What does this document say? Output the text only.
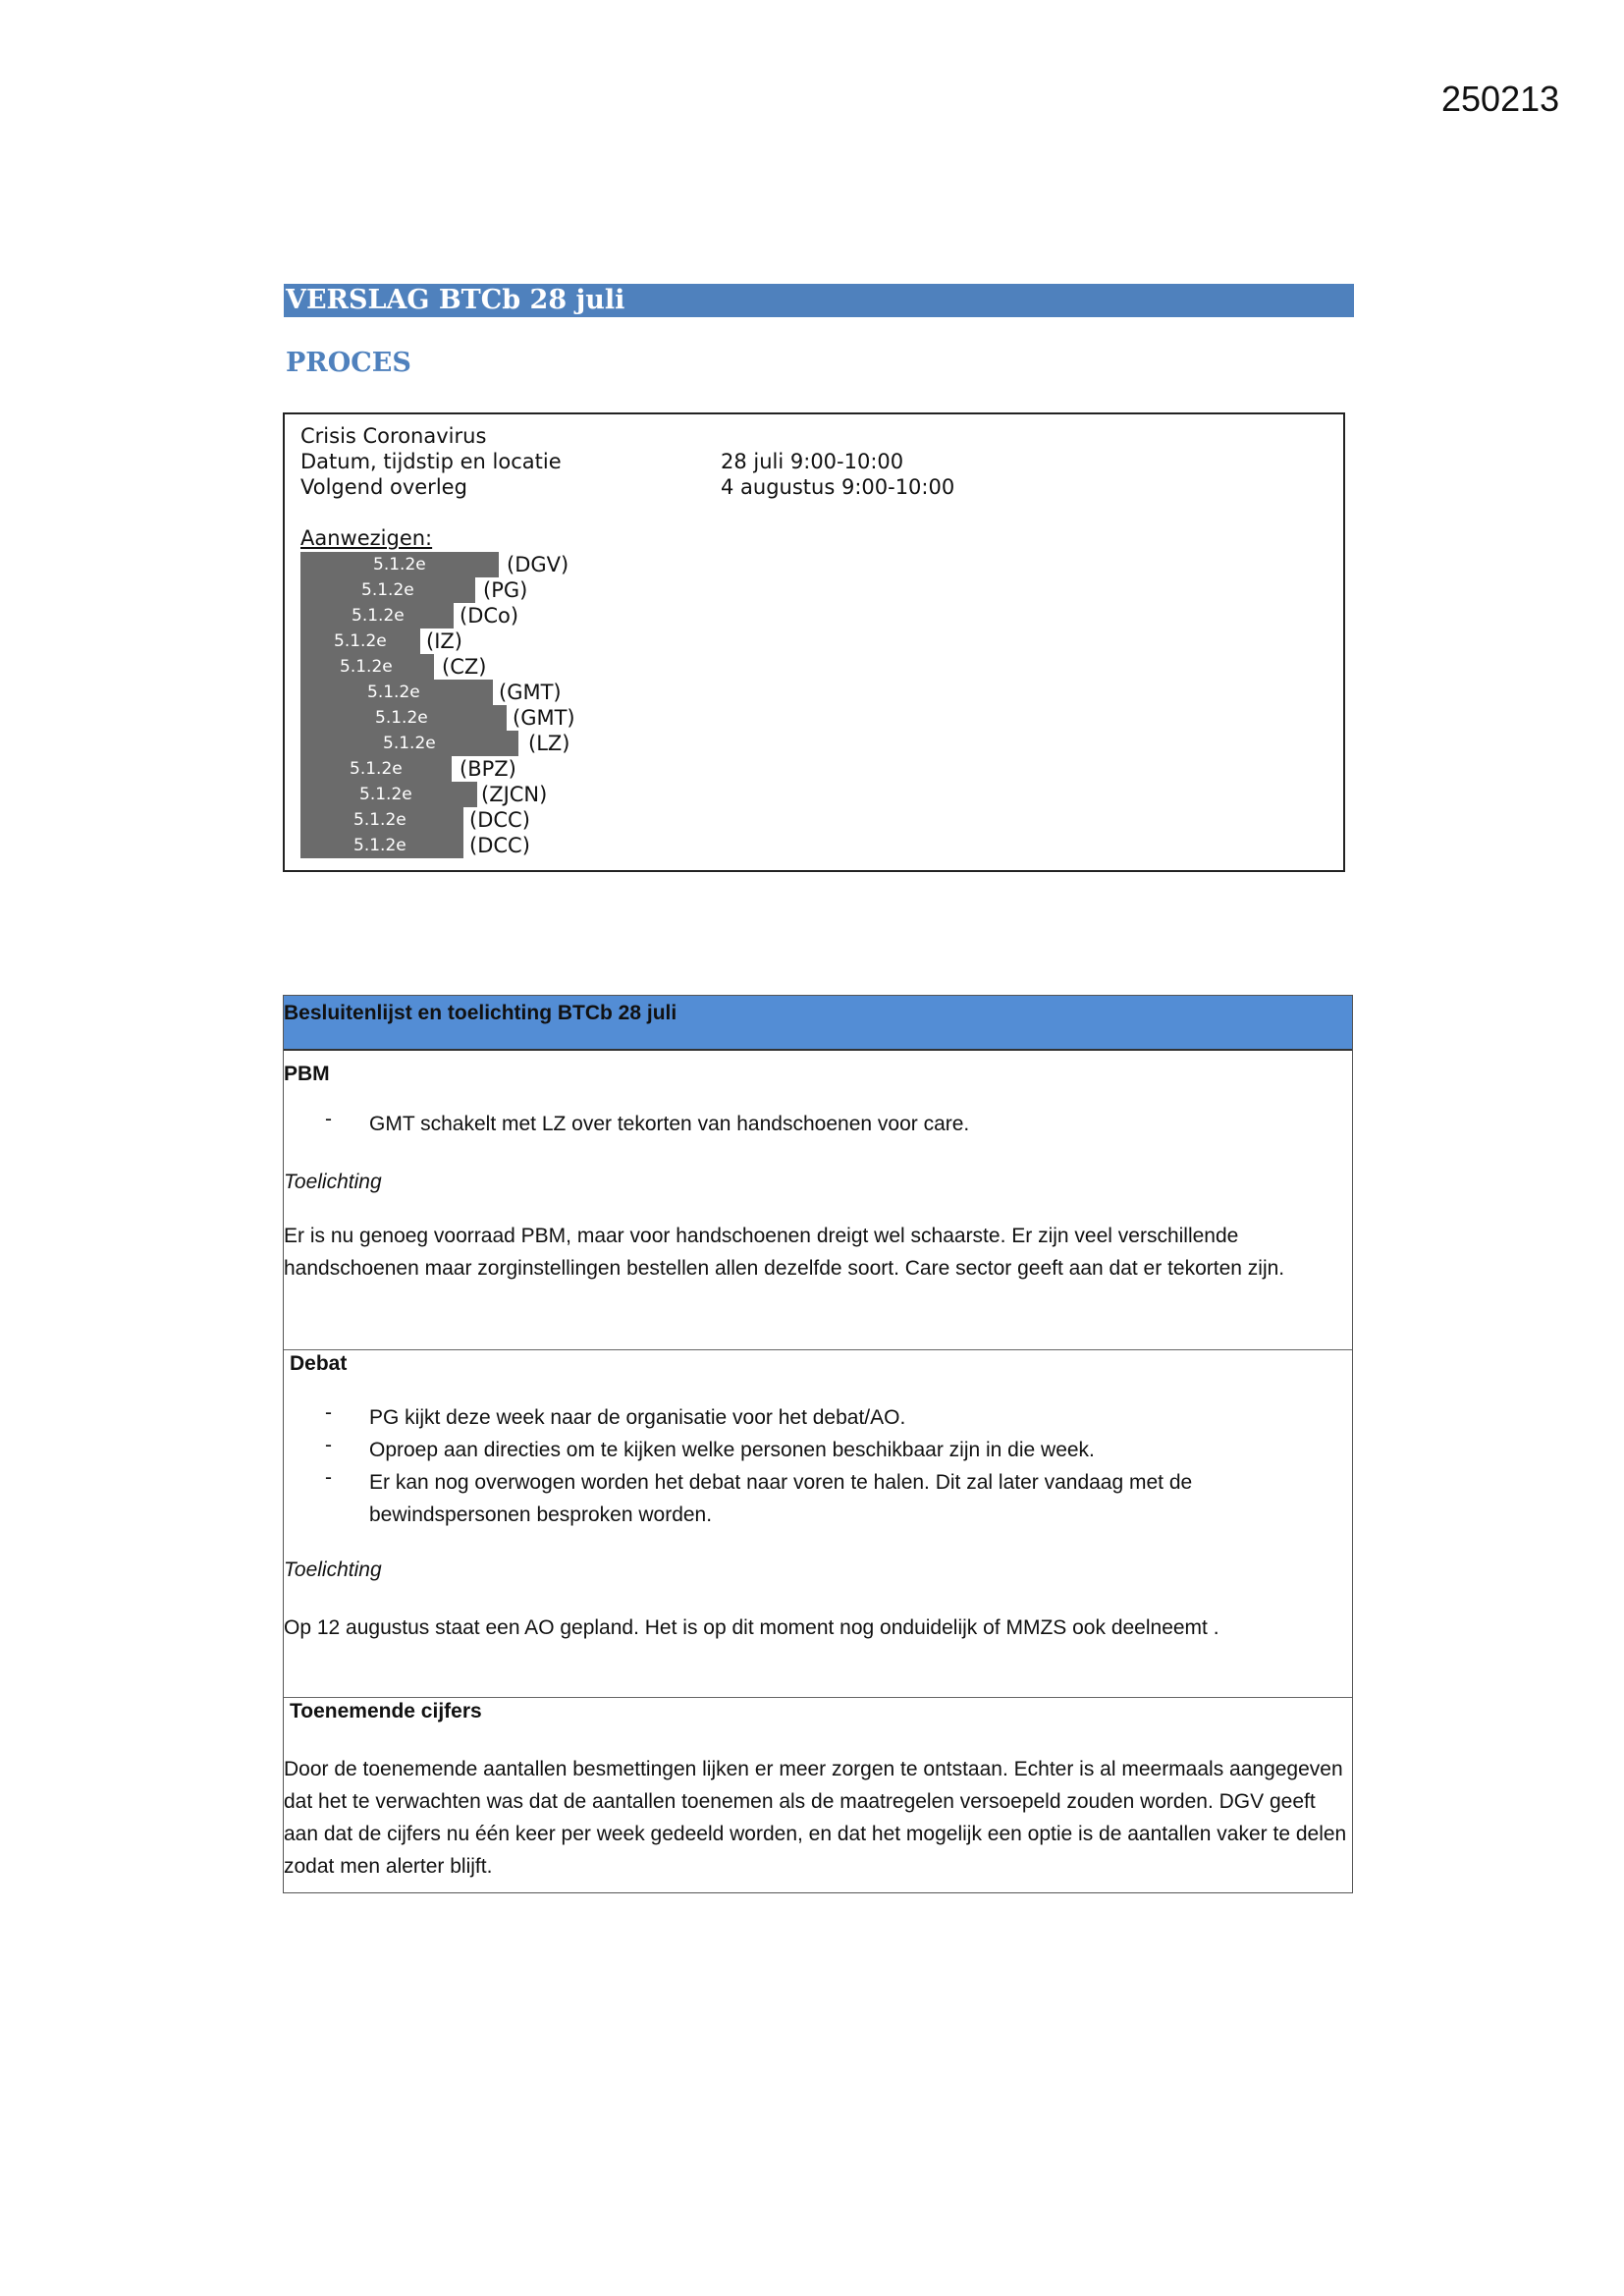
250213
VERSLAG BTCb 28 juli
PROCES
Crisis Coronavirus
Datum, tijdstip en locatie	28 juli 9:00-10:00
Volgend overleg	4 augustus 9:00-10:00
Aanwezigen:
5.1.2e	(DGV)
5.1.2e	(PG)
5.1.2e	(DCo)
5.1.2e (IZ)
5.1.2e (CZ)
5.1.2e	(GMT)
5.1.2e	(GMT)
5.1.2e	(LZ)
5.1.2e	(BPZ)
5.1.2e	(ZJCN)
5.1.2e	(DCC)
5.1.2e	(DCC)
Besluitenlijst en toelichting BTCb 28 juli
PBM
- GMT schakelt met LZ over tekorten van handschoenen voor care.
Toelichting
Er is nu genoeg voorraad PBM, maar voor handschoenen dreigt wel schaarste. Er zijn veel verschillende handschoenen maar zorginstellingen bestellen allen dezelfde soort. Care sector geeft aan dat er tekorten zijn.
Debat
- PG kijkt deze week naar de organisatie voor het debat/AO.
- Oproep aan directies om te kijken welke personen beschikbaar zijn in die week.
- Er kan nog overwogen worden het debat naar voren te halen. Dit zal later vandaag met de bewindspersonen besproken worden.
Toelichting
Op 12 augustus staat een AO gepland. Het is op dit moment nog onduidelijk of MMZS ook deelneemt .
Toenemende cijfers
Door de toenemende aantallen besmettingen lijken er meer zorgen te ontstaan. Echter is al meermaals aangegeven dat het te verwachten was dat de aantallen toenemen als de maatregelen versoepeld zouden worden. DGV geeft aan dat de cijfers nu één keer per week gedeeld worden, en dat het mogelijk een optie is de aantallen vaker te delen zodat men alerter blijft.
